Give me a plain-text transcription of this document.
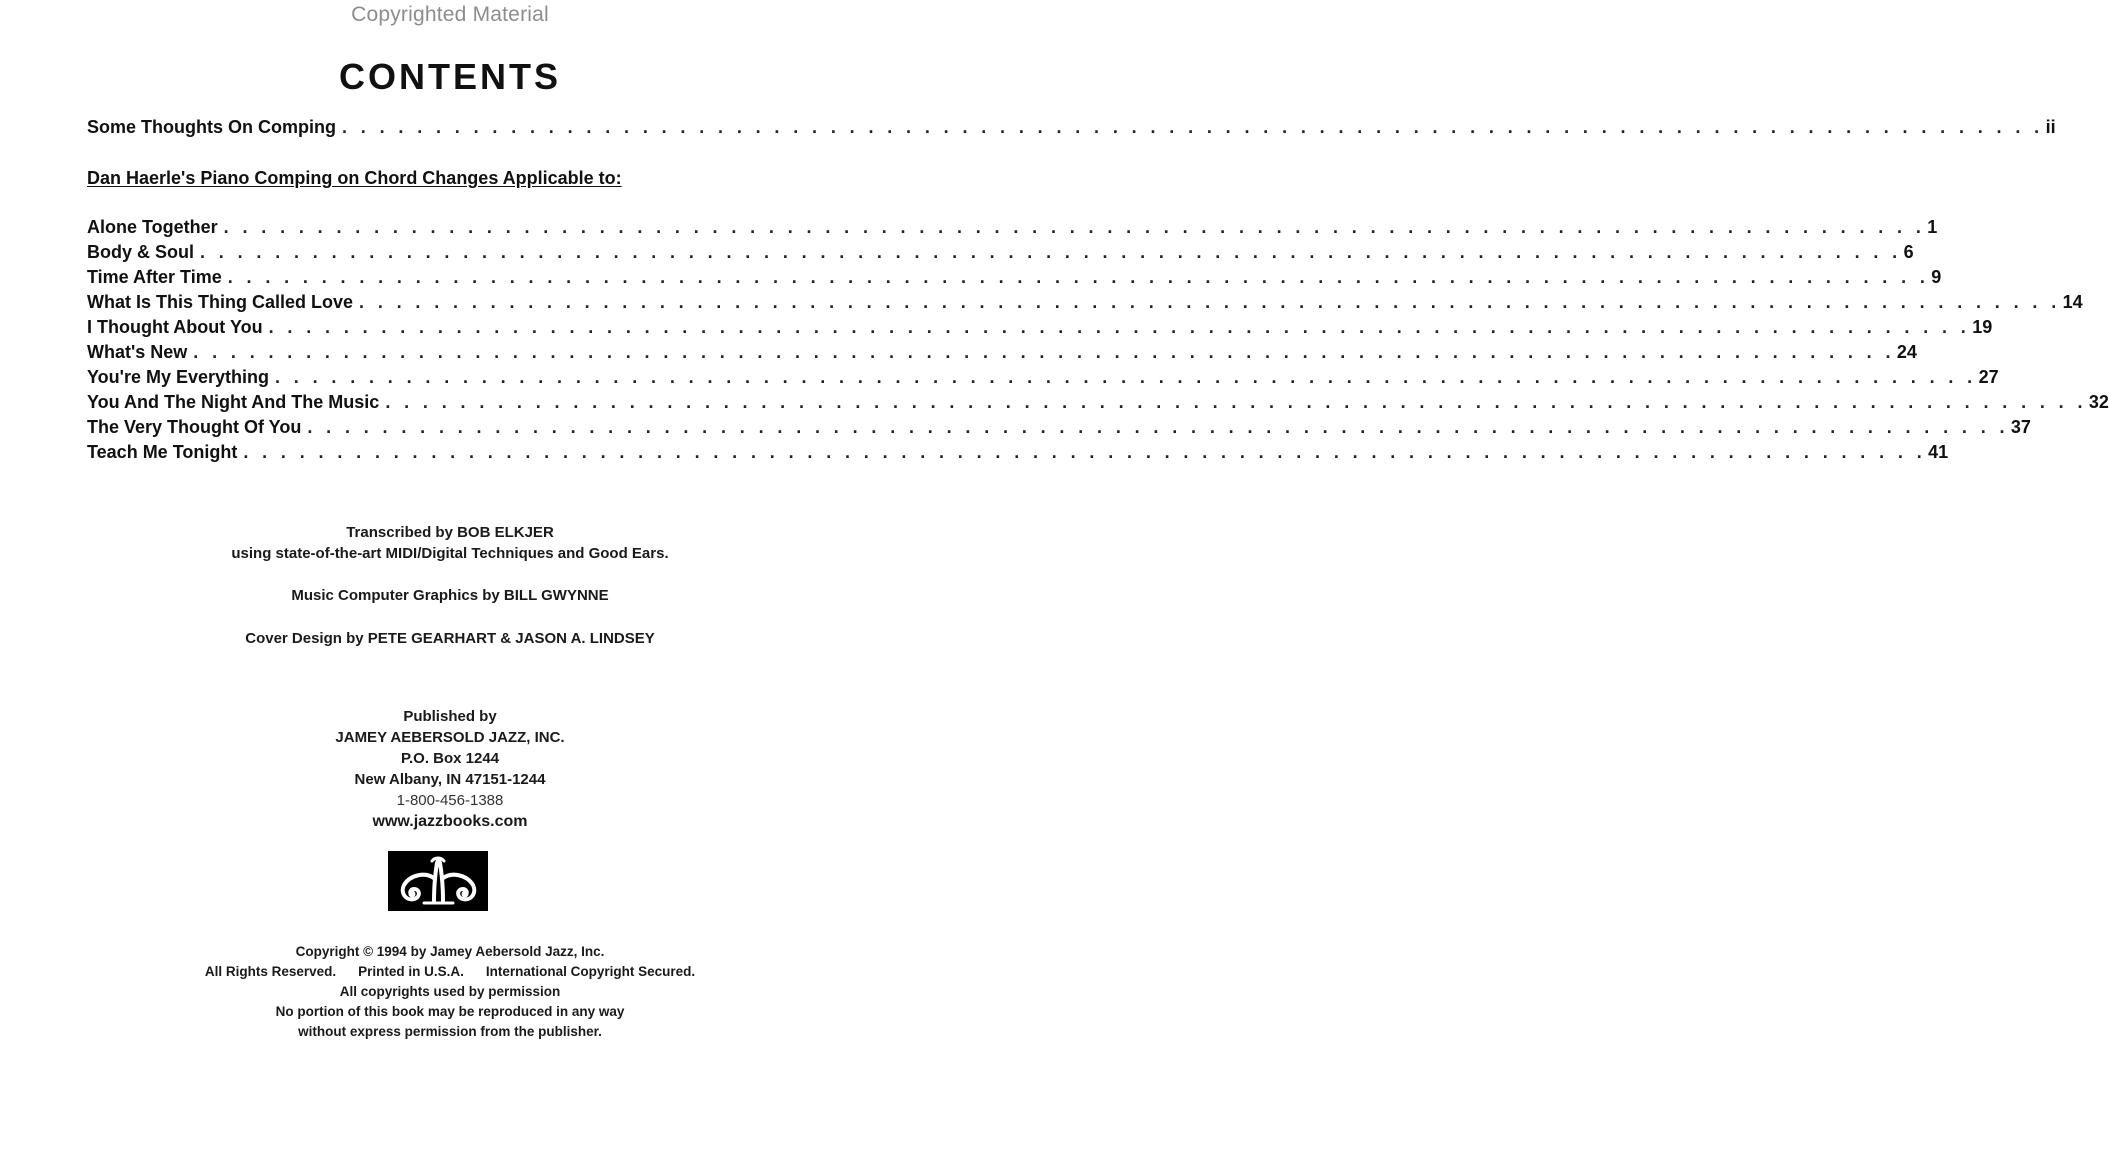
Copyrighted Material
CONTENTS
Some Thoughts On Comping . . . . . . . . . . . . . . . . . . . . . . . . . . . . . . . . . . . . . . . . . . . . . . . . . . . . . . . . . . . . . . . . . . . . . . . . . . . . . . . . . . . . . . . . . . . ii
Dan Haerle's Piano Comping on Chord Changes Applicable to:
Alone Together . . . . . . . . . . . . . . . . . . . . . . . . . . . . . . . . . . . . . . . . . . . . . . . . . . . . . . . . . . . . . . . . . . . . . . . . . . . . . . . . . . . . . . . . . . . 1
Body & Soul . . . . . . . . . . . . . . . . . . . . . . . . . . . . . . . . . . . . . . . . . . . . . . . . . . . . . . . . . . . . . . . . . . . . . . . . . . . . . . . . . . . . . . . . . . . 6
Time After Time . . . . . . . . . . . . . . . . . . . . . . . . . . . . . . . . . . . . . . . . . . . . . . . . . . . . . . . . . . . . . . . . . . . . . . . . . . . . . . . . . . . . . . . . . . . 9
What Is This Thing Called Love . . . . . . . . . . . . . . . . . . . . . . . . . . . . . . . . . . . . . . . . . . . . . . . . . . . . . . . . . . . . . . . . . . . . . . . . . . . . . . . . . . . . . . . . . . . 14
I Thought About You . . . . . . . . . . . . . . . . . . . . . . . . . . . . . . . . . . . . . . . . . . . . . . . . . . . . . . . . . . . . . . . . . . . . . . . . . . . . . . . . . . . . . . . . . . . 19
What's New . . . . . . . . . . . . . . . . . . . . . . . . . . . . . . . . . . . . . . . . . . . . . . . . . . . . . . . . . . . . . . . . . . . . . . . . . . . . . . . . . . . . . . . . . . . 24
You're My Everything . . . . . . . . . . . . . . . . . . . . . . . . . . . . . . . . . . . . . . . . . . . . . . . . . . . . . . . . . . . . . . . . . . . . . . . . . . . . . . . . . . . . . . . . . . . 27
You And The Night And The Music . . . . . . . . . . . . . . . . . . . . . . . . . . . . . . . . . . . . . . . . . . . . . . . . . . . . . . . . . . . . . . . . . . . . . . . . . . . . . . . . . . . . . . . . . . . 32
The Very Thought Of You . . . . . . . . . . . . . . . . . . . . . . . . . . . . . . . . . . . . . . . . . . . . . . . . . . . . . . . . . . . . . . . . . . . . . . . . . . . . . . . . . . . . . . . . . . . 37
Teach Me Tonight . . . . . . . . . . . . . . . . . . . . . . . . . . . . . . . . . . . . . . . . . . . . . . . . . . . . . . . . . . . . . . . . . . . . . . . . . . . . . . . . . . . . . . . . . . 41
Transcribed by BOB ELKJER
using state-of-the-art MIDI/Digital Techniques and Good Ears.
Music Computer Graphics by BILL GWYNNE
Cover Design by PETE GEARHART & JASON A. LINDSEY
Published by
JAMEY AEBERSOLD JAZZ, INC.
P.O. Box 1244
New Albany, IN 47151-1244
1-800-456-1388
www.jazzbooks.com
Copyright © 1994 by Jamey Aebersold Jazz, Inc.
All Rights Reserved. Printed in U.S.A. International Copyright Secured.
All copyrights used by permission
No portion of this book may be reproduced in any way
without express permission from the publisher.
